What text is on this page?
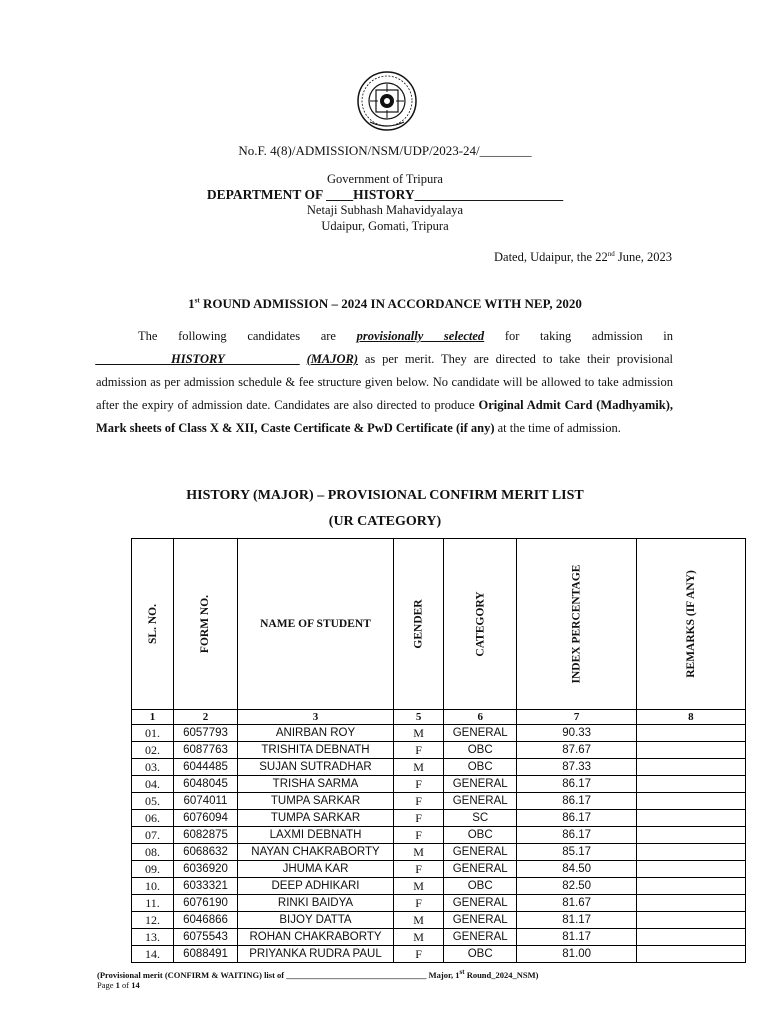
No.F. 4(8)/ADMISSION/NSM/UDP/2023-24/________
Government of Tripura
DEPARTMENT OF ____HISTORY______________________
Netaji Subhash Mahavidyalaya
Udaipur, Gomati, Tripura
Dated, Udaipur, the 22nd June, 2023
1st ROUND ADMISSION – 2024 IN ACCORDANCE WITH NEP, 2020
The following candidates are provisionally selected for taking admission in ____________HISTORY____________ (MAJOR) as per merit. They are directed to take their provisional admission as per admission schedule & fee structure given below. No candidate will be allowed to take admission after the expiry of admission date. Candidates are also directed to produce Original Admit Card (Madhyamik), Mark sheets of Class X & XII, Caste Certificate & PwD Certificate (if any) at the time of admission.
HISTORY (MAJOR) – PROVISIONAL CONFIRM MERIT LIST
(UR CATEGORY)
SL. NO.	FORM NO.	NAME OF STUDENT	GENDER	CATEGORY	INDEX PERCENTAGE	REMARKS (IF ANY)
1	2	3	5	6	7	8
01.	6057793	ANIRBAN ROY	M	GENERAL	90.33	
02.	6087763	TRISHITA DEBNATH	F	OBC	87.67	
03.	6044485	SUJAN SUTRADHAR	M	OBC	87.33	
04.	6048045	TRISHA SARMA	F	GENERAL	86.17	
05.	6074011	TUMPA SARKAR	F	GENERAL	86.17	
06.	6076094	TUMPA SARKAR	F	SC	86.17	
07.	6082875	LAXMI DEBNATH	F	OBC	86.17	
08.	6068632	NAYAN CHAKRABORTY	M	GENERAL	85.17	
09.	6036920	JHUMA KAR	F	GENERAL	84.50	
10.	6033321	DEEP ADHIKARI	M	OBC	82.50	
11.	6076190	RINKI BAIDYA	F	GENERAL	81.67	
12.	6046866	BIJOY DATTA	M	GENERAL	81.17	
13.	6075543	ROHAN CHAKRABORTY	M	GENERAL	81.17	
14.	6088491	PRIYANKA RUDRA PAUL	F	OBC	81.00	
(Provisional merit (CONFIRM & WAITING) list of _________________________________ Major, 1st Round_2024_NSM)
Page 1 of 14
